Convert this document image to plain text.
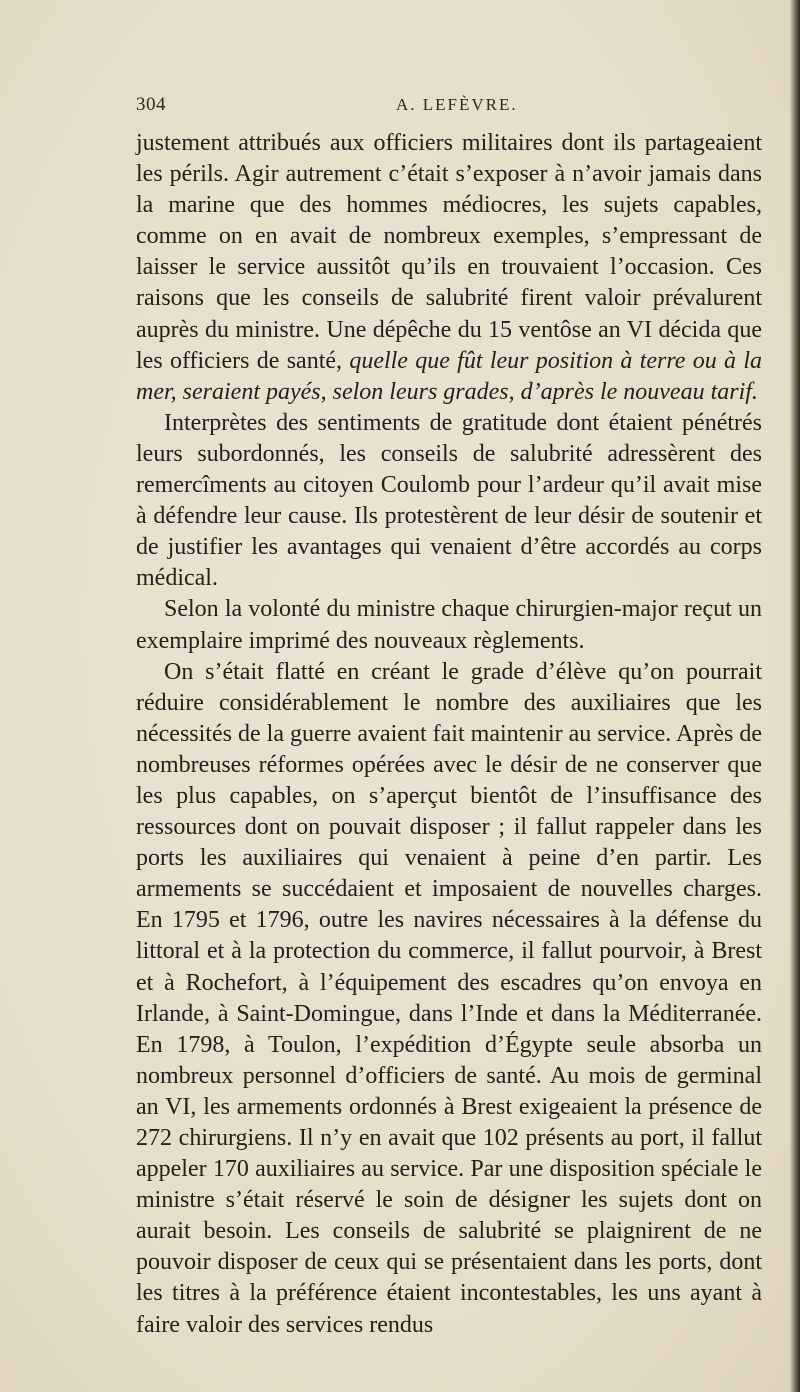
304	A. LEFÈVRE.

justement attribués aux officiers militaires dont ils partageaient les périls. Agir autrement c’était s’exposer à n’avoir jamais dans la marine que des hommes médiocres, les sujets capables, comme on en avait de nombreux exemples, s’empressant de laisser le service aussitôt qu’ils en trouvaient l’occasion. Ces raisons que les conseils de salubrité firent valoir prévalurent auprès du ministre. Une dépêche du 15 ventôse an VI décida que les officiers de santé, quelle que fût leur position à terre ou à la mer, seraient payés, selon leurs grades, d’après le nouveau tarif.

Interprètes des sentiments de gratitude dont étaient pénétrés leurs subordonnés, les conseils de salubrité adressèrent des remercîments au citoyen Coulomb pour l’ardeur qu’il avait mise à défendre leur cause. Ils protestèrent de leur désir de soutenir et de justifier les avantages qui venaient d’être accordés au corps médical.

Selon la volonté du ministre chaque chirurgien-major reçut un exemplaire imprimé des nouveaux règlements.

On s’était flatté en créant le grade d’élève qu’on pourrait réduire considérablement le nombre des auxiliaires que les nécessités de la guerre avaient fait maintenir au service. Après de nombreuses réformes opérées avec le désir de ne conserver que les plus capables, on s’aperçut bientôt de l’insuffisance des ressources dont on pouvait disposer ; il fallut rappeler dans les ports les auxiliaires qui venaient à peine d’en partir. Les armements se succédaient et imposaient de nouvelles charges. En 1795 et 1796, outre les navires nécessaires à la défense du littoral et à la protection du commerce, il fallut pourvoir, à Brest et à Rochefort, à l’équipement des escadres qu’on envoya en Irlande, à Saint-Domingue, dans l’Inde et dans la Méditerranée. En 1798, à Toulon, l’expédition d’Égypte seule absorba un nombreux personnel d’officiers de santé. Au mois de germinal an VI, les armements ordonnés à Brest exigeaient la présence de 272 chirurgiens. Il n’y en avait que 102 présents au port, il fallut appeler 170 auxiliaires au service. Par une disposition spéciale le ministre s’était réservé le soin de désigner les sujets dont on aurait besoin. Les conseils de salubrité se plaignirent de ne pouvoir disposer de ceux qui se présentaient dans les ports, dont les titres à la préférence étaient incontestables, les uns ayant à faire valoir des services rendus
